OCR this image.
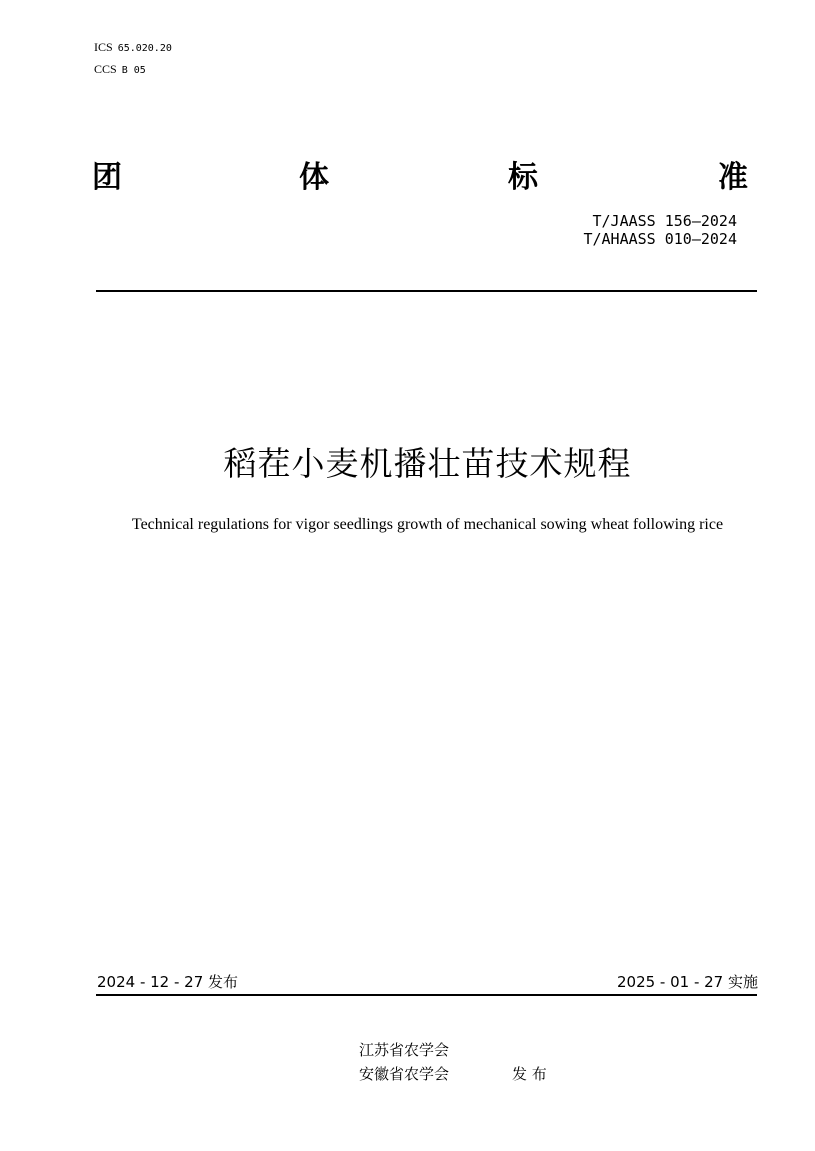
ICS 65.020.20
CCS B 05
团	体	标	准
T/JAASS 156—2024
T/AHAASS 010—2024
稻茬小麦机播壮苗技术规程
Technical regulations for vigor seedlings growth of mechanical sowing wheat following rice
2024 - 12 - 27 发布	2025 - 01 - 27 实施
江苏省农学会
安徽省农学会	发 布
